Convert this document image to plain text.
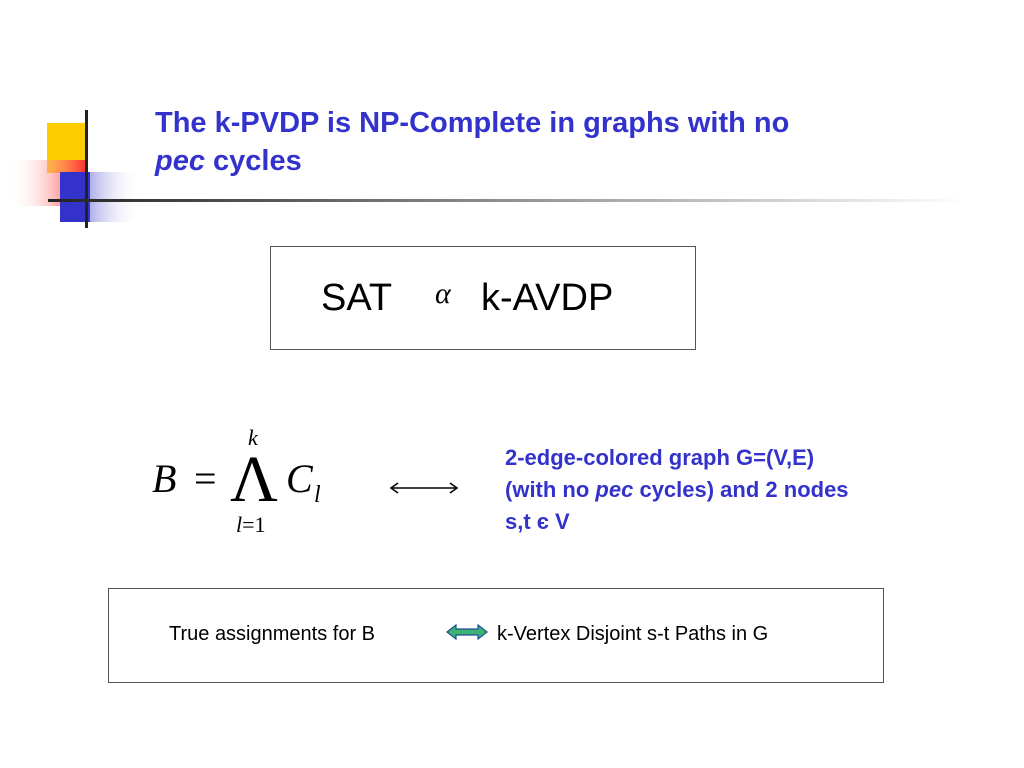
The k-PVDP is NP-Complete in graphs with no
pec cycles
SAT α k-AVDP
B =
k
Λ C l
l=1
2-edge-colored graph G=(V,E)
(with no pec cycles) and 2 nodes
s,t є V
True assignments for B	k-Vertex Disjoint s-t Paths in G
